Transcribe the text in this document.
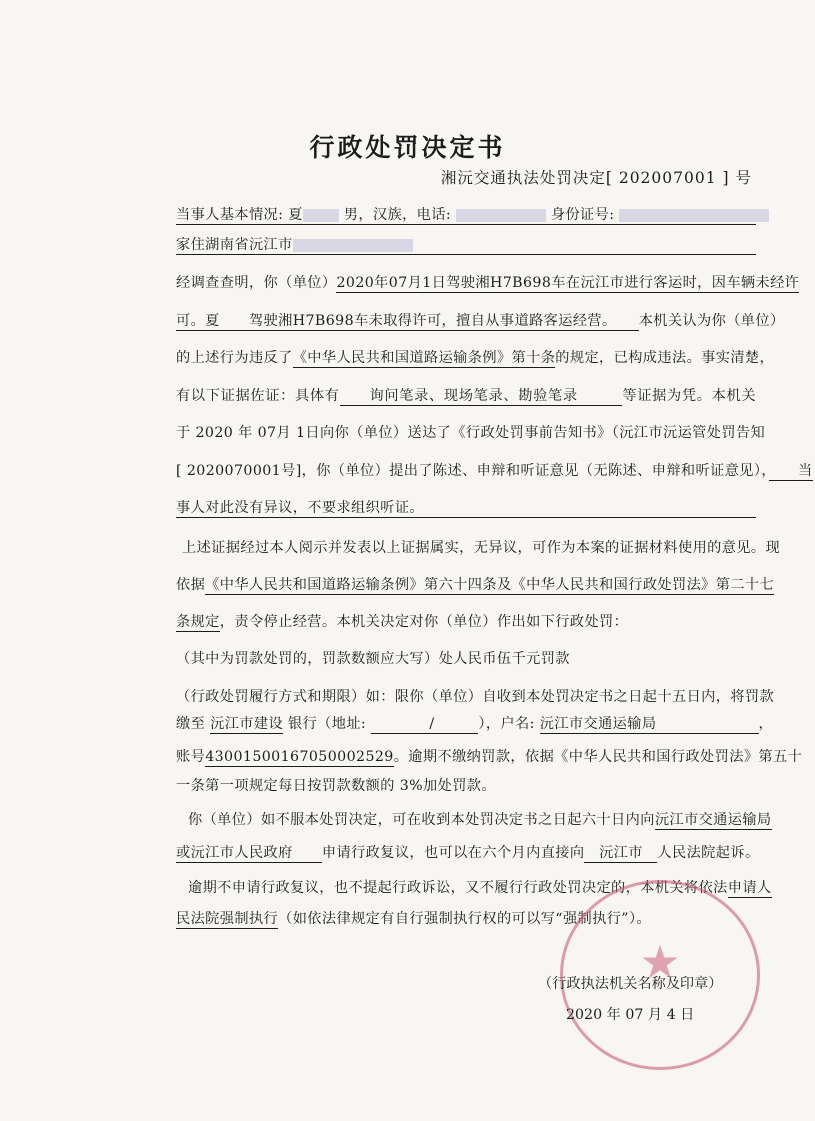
行政处罚决定书
湘沅交通执法处罚决定[ 202007001 ] 号
当事人基本情况: 夏	男，汉族，电话:	身份证号:
家住湖南省沅江市
经调查查明，你（单位）2020年07月1日驾驶湘H7B698车在沅江市进行客运时，因车辆未经许
可。夏　　 驾驶湘H7B698车未取得许可，擅自从事道路客运经营。　　 本机关认为你（单位）
的上述行为违反了《中华人民共和国道路运输条例》第十条的规定，已构成违法。事实清楚，
有以下证据佐证：具体有　　 询问笔录、现场笔录、勘验笔录　　　	等证据为凭。本机关
于 2020 年 07月 1日向你（单位）送达了《行政处罚事前告知书》（沅江市沅运管处罚告知
[ 2020070001号]，你（单位）提出了陈述、申辩和听证意见（无陈述、申辩和听证意见），　　 当
事人对此没有异议，不要求组织听证。
上述证据经过本人阅示并发表以上证据属实，无异议，可作为本案的证据材料使用的意见。现
依据《中华人民共和国道路运输条例》第六十四条及《中华人民共和国行政处罚法》第二十七
条规定，责令停止经营。本机关决定对你（单位）作出如下行政处罚：
（其中为罚款处罚的，罚款数额应大写）处人民币伍千元罚款
（行政处罚履行方式和期限）如：限你（单位）自收到本处罚决定书之日起十五日内，将罚款
缴至 沅江市建设 银行（地址: 　　　　	/　　　	），户名: 沅江市交通运输局　　　　　　　	，
账号43001500167050002529。逾期不缴纳罚款，依据《中华人民共和国行政处罚法》第五十
一条第一项规定每日按罚款数额的 3%加处罚款。
你（单位）如不服本处罚决定，可在收到本处罚决定书之日起六十日内向沅江市交通运输局
或沅江市人民政府　　 申请行政复议，也可以在六个月内直接向　 沅江市　 人民法院起诉。
逾期不申请行政复议，也不提起行政诉讼，又不履行行政处罚决定的，本机关将依法申请人
民法院强制执行（如依法律规定有自行强制执行权的可以写“强制执行”）。
★
（行政执法机关名称及印章）
2020 年 07 月 4 日
